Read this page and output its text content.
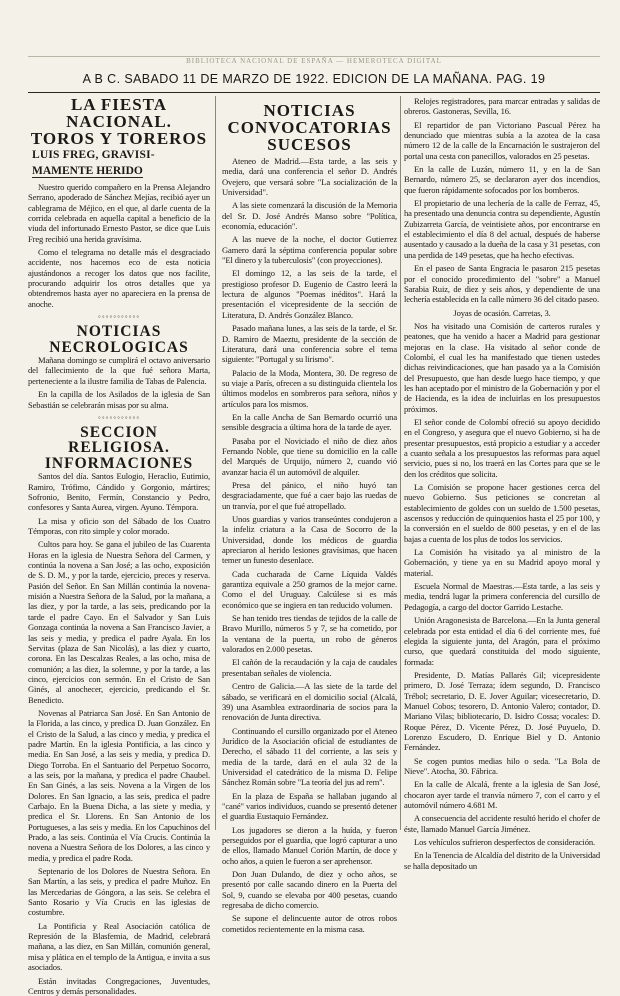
BIBLIOTECA NACIONAL DE ESPAÑA — HEMEROTECA DIGITAL
A B C. SABADO 11 DE MARZO DE 1922. EDICION DE LA MAÑANA. PAG. 19
LA FIESTA NACIONAL.
TOROS Y TOREROS
LUIS FREG, GRAVISI-
MAMENTE HERIDO

Nuestro querido compañero en la Prensa Alejandro Serrano, apoderado de Sánchez Mejías, recibió ayer un cablegrama de Méjico, en el que, al darle cuenta de la corrida celebrada en aquella capital a beneficio de la viuda del infortunado Ernesto Pastor, se dice que Luis Freg recibió una herida gravísima.

Como el telegrama no detalle más el desgraciado accidente, nos hacemos eco de esta noticia ajustándonos a recoger los datos que nos facilite, procurando adquirir los otros detalles que ya obtendremos hasta ayer no apareciera en la prensa de anoche.

◦◦◦◦◦◦◦◦◦◦◦
NOTICIAS
NECROLOGICAS

Mañana domingo se cumplirá el octavo aniversario del fallecimiento de la que fué señora Marta, perteneciente a la ilustre familia de Tabas de Palencia.

En la capilla de los Asilados de la iglesia de San Sebastián se celebrarán misas por su alma.

◦◦◦◦◦◦◦◦◦◦◦
SECCION RELIGIOSA.
INFORMACIONES

Santos del día. Santos Eulogio, Heraclio, Eutimio, Ramiro, Trófimo, Cándido y Gorgonio, mártires; Sofronio, Benito, Fermín, Constancio y Pedro, confesores y Santa Aurea, virgen. Ayuno. Témpora.

La misa y oficio son del Sábado de los Cuatro Témporas, con rito simple y color morado.

Cultos para hoy. Se gana el jubileo de las Cuarenta Horas en la iglesia de Nuestra Señora del Carmen, y continúa la novena a San José; a las ocho, exposición de S. D. M., y por la tarde, ejercicio, preces y reserva. Pasión del Señor. En San Millán continúa la novena-misión a Nuestra Señora de la Salud, por la mañana, a las diez, y por la tarde, a las seis, predicando por la tarde el padre Cayo. En el Salvador y San Luis Gonzaga continúa la novena a San Francisco Javier, a las seis y media, y predica el padre Ayala. En los Servitas (plaza de San Nicolás), a las diez y cuarto, corona. En las Descalzas Reales, a las ocho, misa de comunión; a las diez, la solemne, y por la tarde, a las cinco, ejercicios con sermón. En el Cristo de San Ginés, al anochecer, ejercicio, predicando el Sr. Benedicto.

Novenas al Patriarca San José. En San Antonio de la Florida, a las cinco, y predica D. Juan González. En el Cristo de la Salud, a las cinco y media, y predica el padre Martín. En la iglesia Pontificia, a las cinco y media. En San José, a las seis y media, y predica D. Diego Torroba. En el Santuario del Perpetuo Socorro, a las seis, por la mañana, y predica el padre Chaubel. En San Ginés, a las seis. Novena a la Virgen de los Dolores. En San Ignacio, a las seis, predica el padre Carbajo. En la Buena Dicha, a las siete y media, y predica el Sr. Llorens. En San Antonio de los Portugueses, a las seis y media. En los Capuchinos del Prado, a las seis. Continúa el Vía Crucis. Continúa la novena a Nuestra Señora de los Dolores, a las cinco y media, y predica el padre Roda.

Septenario de los Dolores de Nuestra Señora. En San Martín, a las seis, y predica el padre Muñoz. En las Mercedarias de Góngora, a las seis. Se celebra el Santo Rosario y Vía Crucis en las iglesias de costumbre.

La Pontificia y Real Asociación católica de Represión de la Blasfemia, de Madrid, celebrará mañana, a las diez, en San Millán, comunión general, misa y plática en el templo de la Antigua, e invita a sus asociados.

Están invitadas Congregaciones, Juventudes, Centros y demás personalidades.

NOTICIAS
CONVOCATORIAS
SUCESOS

Ateneo de Madrid.—Esta tarde, a las seis y media, dará una conferencia el señor D. Andrés Ovejero, que versará sobre "La socialización de la Universidad".

A las siete comenzará la discusión de la Memoria del Sr. D. José Andrés Manso sobre "Política, economía, educación".

A las nueve de la noche, el doctor Gutierrez Gamero dará la séptima conferencia popular sobre "El dinero y la tuberculosis" (con proyecciones).

El domingo 12, a las seis de la tarde, el prestigioso profesor D. Eugenio de Castro leerá la lectura de algunos "Poemas inéditos". Hará la presentación el vicepresidente de la sección de Literatura, D. Andrés González Blanco.

Pasado mañana lunes, a las seis de la tarde, el Sr. D. Ramiro de Maeztu, presidente de la sección de Literatura, dará una conferencia sobre el tema siguiente: "Portugal y su lirismo".

Palacio de la Moda, Montera, 30. De regreso de su viaje a París, ofrecen a su distinguida clientela los últimos modelos en sombreros para señora, niños y artículos para los mismos.

En la calle Ancha de San Bernardo ocurrió una sensible desgracia a última hora de la tarde de ayer.

Pasaba por el Noviciado el niño de diez años Fernando Noble, que tiene su domicilio en la calle del Marqués de Urquijo, número 2, cuando vió avanzar hacia él un automóvil de alquiler.

Presa del pánico, el niño huyó tan desgraciadamente, que fué a caer bajo las ruedas de un tranvía, por el que fué atropellado.

Unos guardias y varios transeúntes condujeron a la infeliz criatura a la Casa de Socorro de la Universidad, donde los médicos de guardia apreciaron al herido lesiones gravísimas, que hacen temer un funesto desenlace.

Cada cucharada de Carne Líquida Valdés garantiza equivale a 250 gramos de la mejor carne. Como el del Uruguay. Calcúlese si es más económico que se ingiera en tan reducido volumen.

Se han tenido tres tiendas de tejidos de la calle de Bravo Murillo, números 5 y 7, se ha cometido, por la ventana de la puerta, un robo de géneros valorados en 2.000 pesetas.

El cañón de la recaudación y la caja de caudales presentaban señales de violencia.

Centro de Galicia.—A las siete de la tarde del sábado, se verificará en el domicilio social (Alcalá, 39) una Asamblea extraordinaria de socios para la renovación de Junta directiva.

Continuando el cursillo organizado por el Ateneo Jurídico de la Asociación oficial de estudiantes de Derecho, el sábado 11 del corriente, a las seis y media de la tarde, dará en el aula 32 de la Universidad el catedrático de la misma D. Felipe Sánchez Román sobre "La teoría del jus ad rem".

En la plaza de España se hallaban jugando al "cané" varios individuos, cuando se presentó detener el guardia Eustaquio Fernández.

Los jugadores se dieron a la huída, y fueron perseguidos por el guardia, que logró capturar a uno de ellos, llamado Manuel Corión Martín, de doce y ocho años, a quien le fueron a ser aprehensor.

Don Juan Dulando, de diez y ocho años, se presentó por calle sacando dinero en la Puerta del Sol, 9, cuando se elevaba por 400 pesetas, cuando regresaba de dicho comercio.

Se supone el delincuente autor de otros robos cometidos recientemente en la misma casa.

Relojes registradores, para marcar entradas y salidas de obreros. Gastoneras, Sevilla, 16.

El repartidor de pan Victoriano Pascual Pérez ha denunciado que mientras subía a la azotea de la casa número 12 de la calle de la Encarnación le sustrajeron del portal una cesta con panecillos, valorados en 25 pesetas.

En la calle de Luzán, número 11, y en la de San Bernardo, número 25, se declararon ayer dos incendios, que fueron rápidamente sofocados por los bomberos.

El propietario de una lechería de la calle de Ferraz, 45, ha presentado una denuncia contra su dependiente, Agustín Zubizarreta García, de veintisiete años, por encontrarse en el establecimiento el día 8 del actual, después de haberse ausentado y causado a la dueña de la casa y 31 pesetas, con una perdida de 149 pesetas, que ha hecho efectivas.

En el paseo de Santa Engracia le pasaron 215 pesetas por el conocido procedimiento del "sobre" a Manuel Sarabia Ruiz, de diez y seis años, y dependiente de una lechería establecida en la calle número 36 del citado paseo.

Joyas de ocasión. Carretas, 3.

Nos ha visitado una Comisión de carteros rurales y peatones, que ha venido a hacer a Madrid para gestionar mejoras en la clase. Ha visitado al señor conde de Colombí, el cual les ha manifestado que tienen ustedes dichas reivindicaciones, que han pasado ya a la Comisión del Presupuesto, que han desde luego hace tiempo, y que les han aceptado por el ministro de la Gobernación y por el de Hacienda, es la idea de incluirlas en los presupuestos próximos.

El señor conde de Colombí ofreció su apoyo decidido en el Congreso, y asegura que el nuevo Gobierno, si ha de presentar presupuestos, está propicio a estudiar y a acceder a cuanto señala a los presupuestos las reformas para aquel servicio, pues si no, los traerá en las Cortes para que se le den los créditos que solicita.

La Comisión se propone hacer gestiones cerca del nuevo Gobierno. Sus peticiones se concretan al establecimiento de goldes con un sueldo de 1.500 pesetas, ascensos y reducción de quinquenios hasta el 25 por 100, y la conversión en el sueldo de 800 pesetas, y en el de las bajas a cuenta de los plus de todos los servicios.

La Comisión ha visitado ya al ministro de la Gobernación, y tiene ya en su Madrid apoyo moral y material.

Escuela Normal de Maestras.—Esta tarde, a las seis y media, tendrá lugar la primera conferencia del cursillo de Pedagogía, a cargo del doctor Garrido Lestache.

Unión Aragonesista de Barcelona.—En la Junta general celebrada por esta entidad el día 6 del corriente mes, fué elegida la siguiente junta, del Aragón, para el próximo curso, que quedará constituida del modo siguiente, formada:

Presidente, D. Matías Pallarés Gil; vicepresidente primero, D. José Terraza; ídem segundo, D. Francisco Trébol; secretario, D. E. Jover Aguilar; vicesecretario, D. Manuel Cobos; tesorero, D. Antonio Valero; contador, D. Mariano Vilas; bibliotecario, D. Isidro Cossa; vocales: D. Roque Pérez, D. Vicente Pérez, D. José Puyuelo, D. Lorenzo Escudero, D. Enrique Biel y D. Antonio Fernández.

Se cogen puntos medias hilo o seda. "La Bola de Nieve". Atocha, 30. Fábrica.

En la calle de Alcalá, frente a la iglesia de San José, chocaron ayer tarde el tranvía número 7, con el carro y el automóvil número 4.681 M.

A consecuencia del accidente resultó herido el chofer de éste, llamado Manuel García Jiménez.

Los vehículos sufrieron desperfectos de consideración.

En la Tenencia de Alcaldía del distrito de la Universidad se halla depositado un
